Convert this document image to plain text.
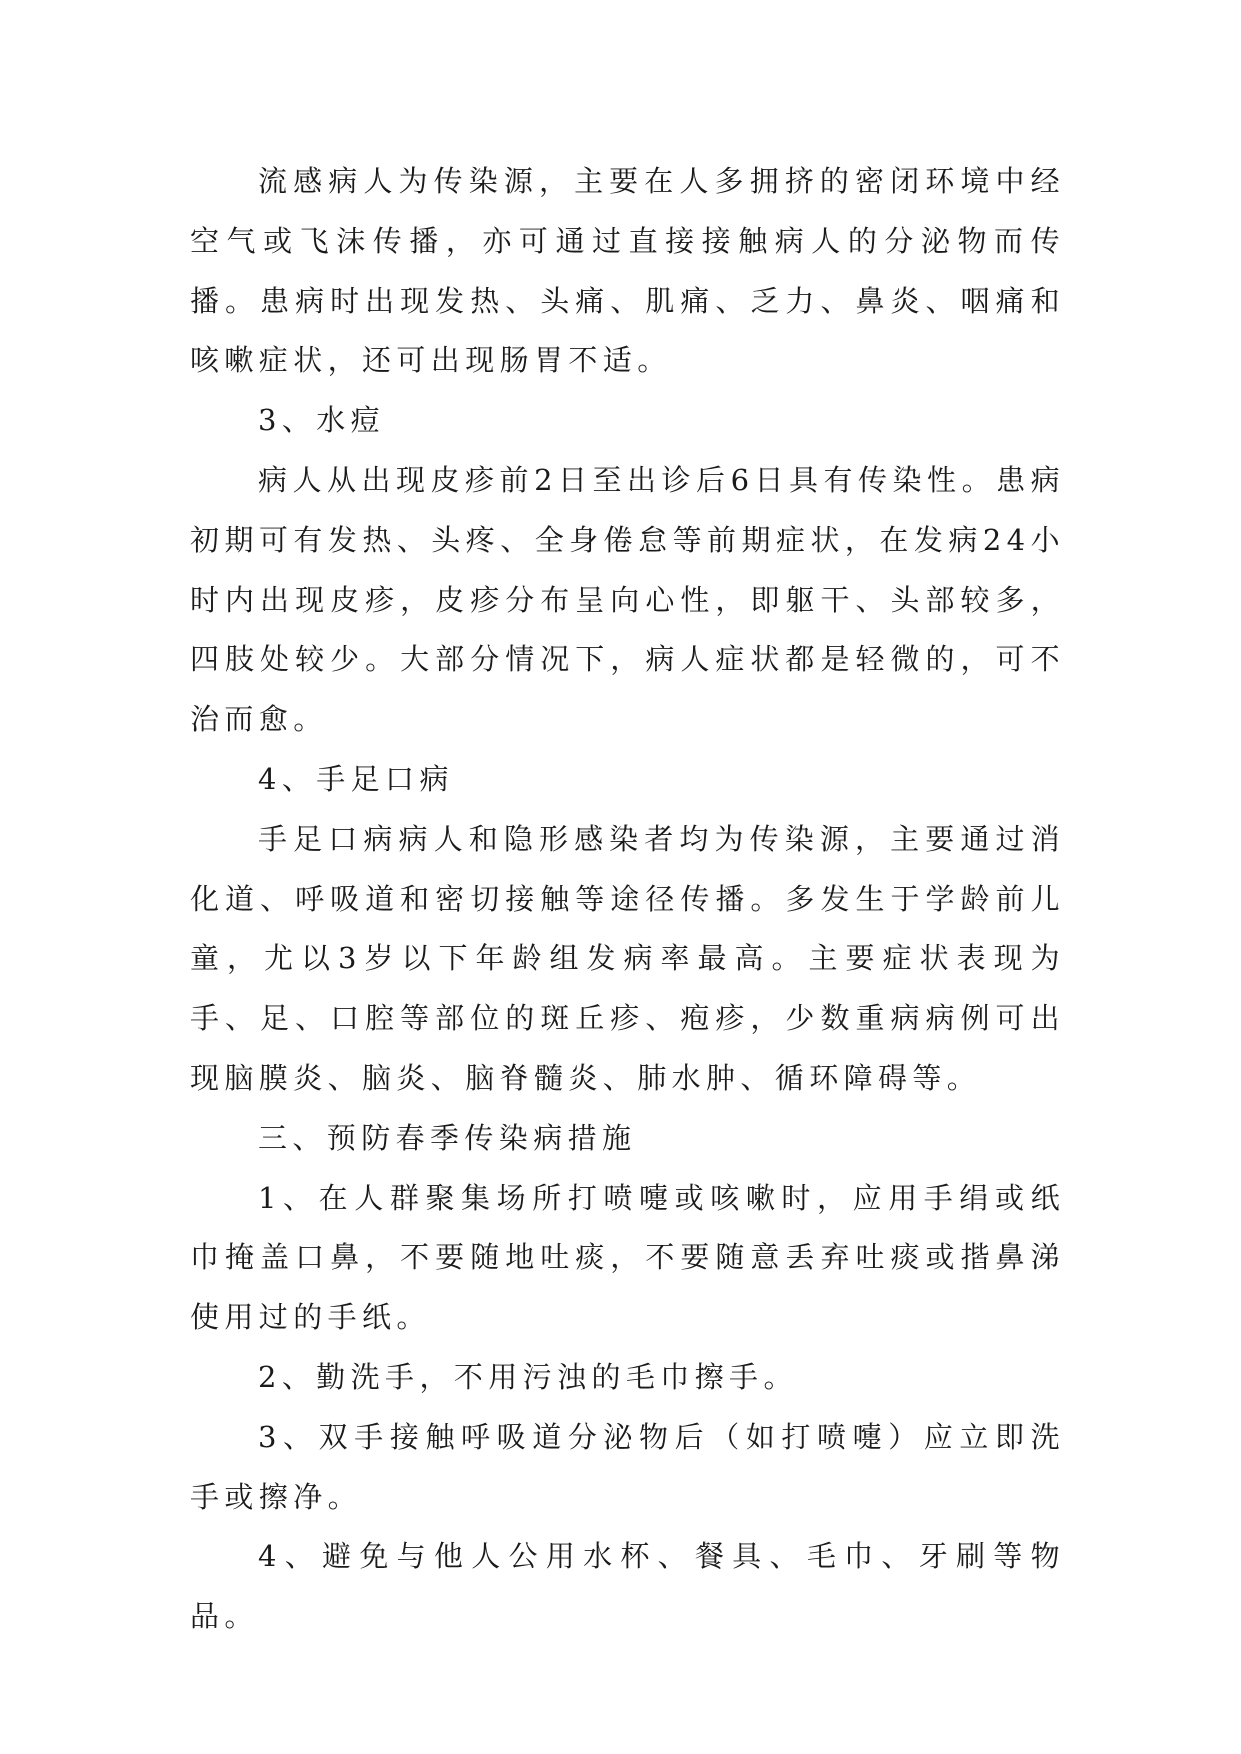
流感病人为传染源，主要在人多拥挤的密闭环境中经空气或飞沫传播，亦可通过直接接触病人的分泌物而传播。患病时出现发热、头痛、肌痛、乏力、鼻炎、咽痛和咳嗽症状，还可出现肠胃不适。

3、水痘

病人从出现皮疹前2日至出诊后6日具有传染性。患病初期可有发热、头疼、全身倦怠等前期症状，在发病24小时内出现皮疹，皮疹分布呈向心性，即躯干、头部较多，四肢处较少。大部分情况下，病人症状都是轻微的，可不治而愈。

4、手足口病

手足口病病人和隐形感染者均为传染源，主要通过消化道、呼吸道和密切接触等途径传播。多发生于学龄前儿童，尤以3岁以下年龄组发病率最高。主要症状表现为手、足、口腔等部位的斑丘疹、疱疹，少数重病病例可出现脑膜炎、脑炎、脑脊髓炎、肺水肿、循环障碍等。

三、预防春季传染病措施

1、在人群聚集场所打喷嚏或咳嗽时，应用手绢或纸巾掩盖口鼻，不要随地吐痰，不要随意丢弃吐痰或揩鼻涕使用过的手纸。

2、勤洗手，不用污浊的毛巾擦手。

3、双手接触呼吸道分泌物后（如打喷嚏）应立即洗手或擦净。

4、避免与他人公用水杯、餐具、毛巾、牙刷等物品。
